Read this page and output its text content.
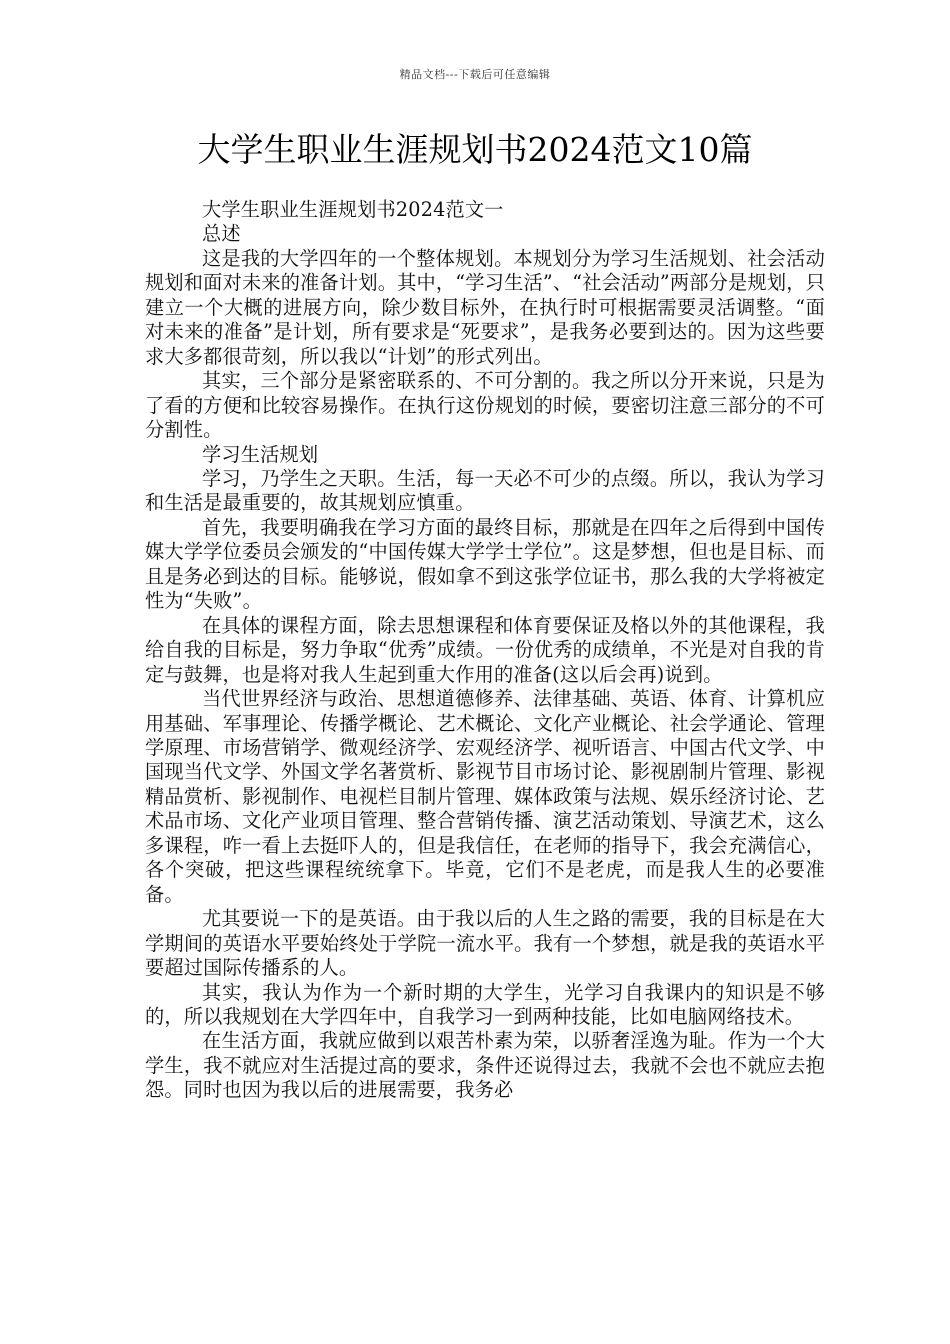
精品文档---下载后可任意编辑
大学生职业生涯规划书2024范文10篇

大学生职业生涯规划书2024范文一

总述

这是我的大学四年的一个整体规划。本规划分为学习生活规划、社会活动规划和面对未来的准备计划。其中，“学习生活”、“社会活动”两部分是规划，只建立一个大概的进展方向，除少数目标外，在执行时可根据需要灵活调整。“面对未来的准备”是计划，所有要求是“死要求”，是我务必要到达的。因为这些要求大多都很苛刻，所以我以“计划”的形式列出。

其实，三个部分是紧密联系的、不可分割的。我之所以分开来说，只是为了看的方便和比较容易操作。在执行这份规划的时候，要密切注意三部分的不可分割性。

学习生活规划

学习，乃学生之天职。生活，每一天必不可少的点缀。所以，我认为学习和生活是最重要的，故其规划应慎重。

首先，我要明确我在学习方面的最终目标，那就是在四年之后得到中国传媒大学学位委员会颁发的“中国传媒大学学士学位”。这是梦想，但也是目标、而且是务必到达的目标。能够说，假如拿不到这张学位证书，那么我的大学将被定性为“失败”。

在具体的课程方面，除去思想课程和体育要保证及格以外的其他课程，我给自我的目标是，努力争取“优秀”成绩。一份优秀的成绩单，不光是对自我的肯定与鼓舞，也是将对我人生起到重大作用的准备(这以后会再)说到。

当代世界经济与政治、思想道德修养、法律基础、英语、体育、计算机应用基础、军事理论、传播学概论、艺术概论、文化产业概论、社会学通论、管理学原理、市场营销学、微观经济学、宏观经济学、视听语言、中国古代文学、中国现当代文学、外国文学名著赏析、影视节目市场讨论、影视剧制片管理、影视精品赏析、影视制作、电视栏目制片管理、媒体政策与法规、娱乐经济讨论、艺术品市场、文化产业项目管理、整合营销传播、演艺活动策划、导演艺术，这么多课程，咋一看上去挺吓人的，但是我信任，在老师的指导下，我会充满信心，各个突破，把这些课程统统拿下。毕竟，它们不是老虎，而是我人生的必要准备。

尤其要说一下的是英语。由于我以后的人生之路的需要，我的目标是在大学期间的英语水平要始终处于学院一流水平。我有一个梦想，就是我的英语水平要超过国际传播系的人。

其实，我认为作为一个新时期的大学生，光学习自我课内的知识是不够的，所以我规划在大学四年中，自我学习一到两种技能，比如电脑网络技术。

在生活方面，我就应做到以艰苦朴素为荣，以骄奢淫逸为耻。作为一个大学生，我不就应对生活提过高的要求，条件还说得过去，我就不会也不就应去抱怨。同时也因为我以后的进展需要，我务必
